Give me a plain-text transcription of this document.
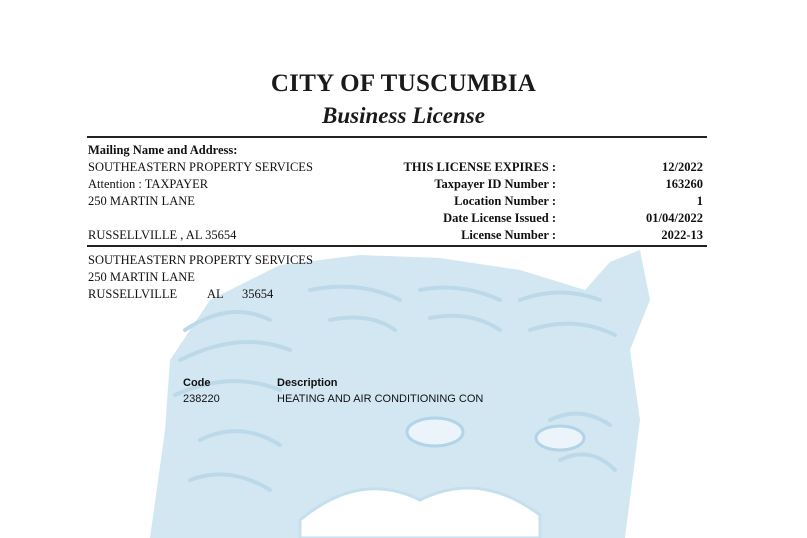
CITY OF TUSCUMBIA
Business License
Mailing Name and Address:
SOUTHEASTERN PROPERTY SERVICES
Attention : TAXPAYER
250 MARTIN LANE
RUSSELLVILLE , AL 35654
THIS LICENSE EXPIRES :
Taxpayer ID Number :
Location Number :
Date License Issued :
License Number :
12/2022
163260
1
01/04/2022
2022-13
SOUTHEASTERN PROPERTY SERVICES
250 MARTIN LANE
RUSSELLVILLE AL 35654
Code	Description
238220	HEATING AND AIR CONDITIONING CON
